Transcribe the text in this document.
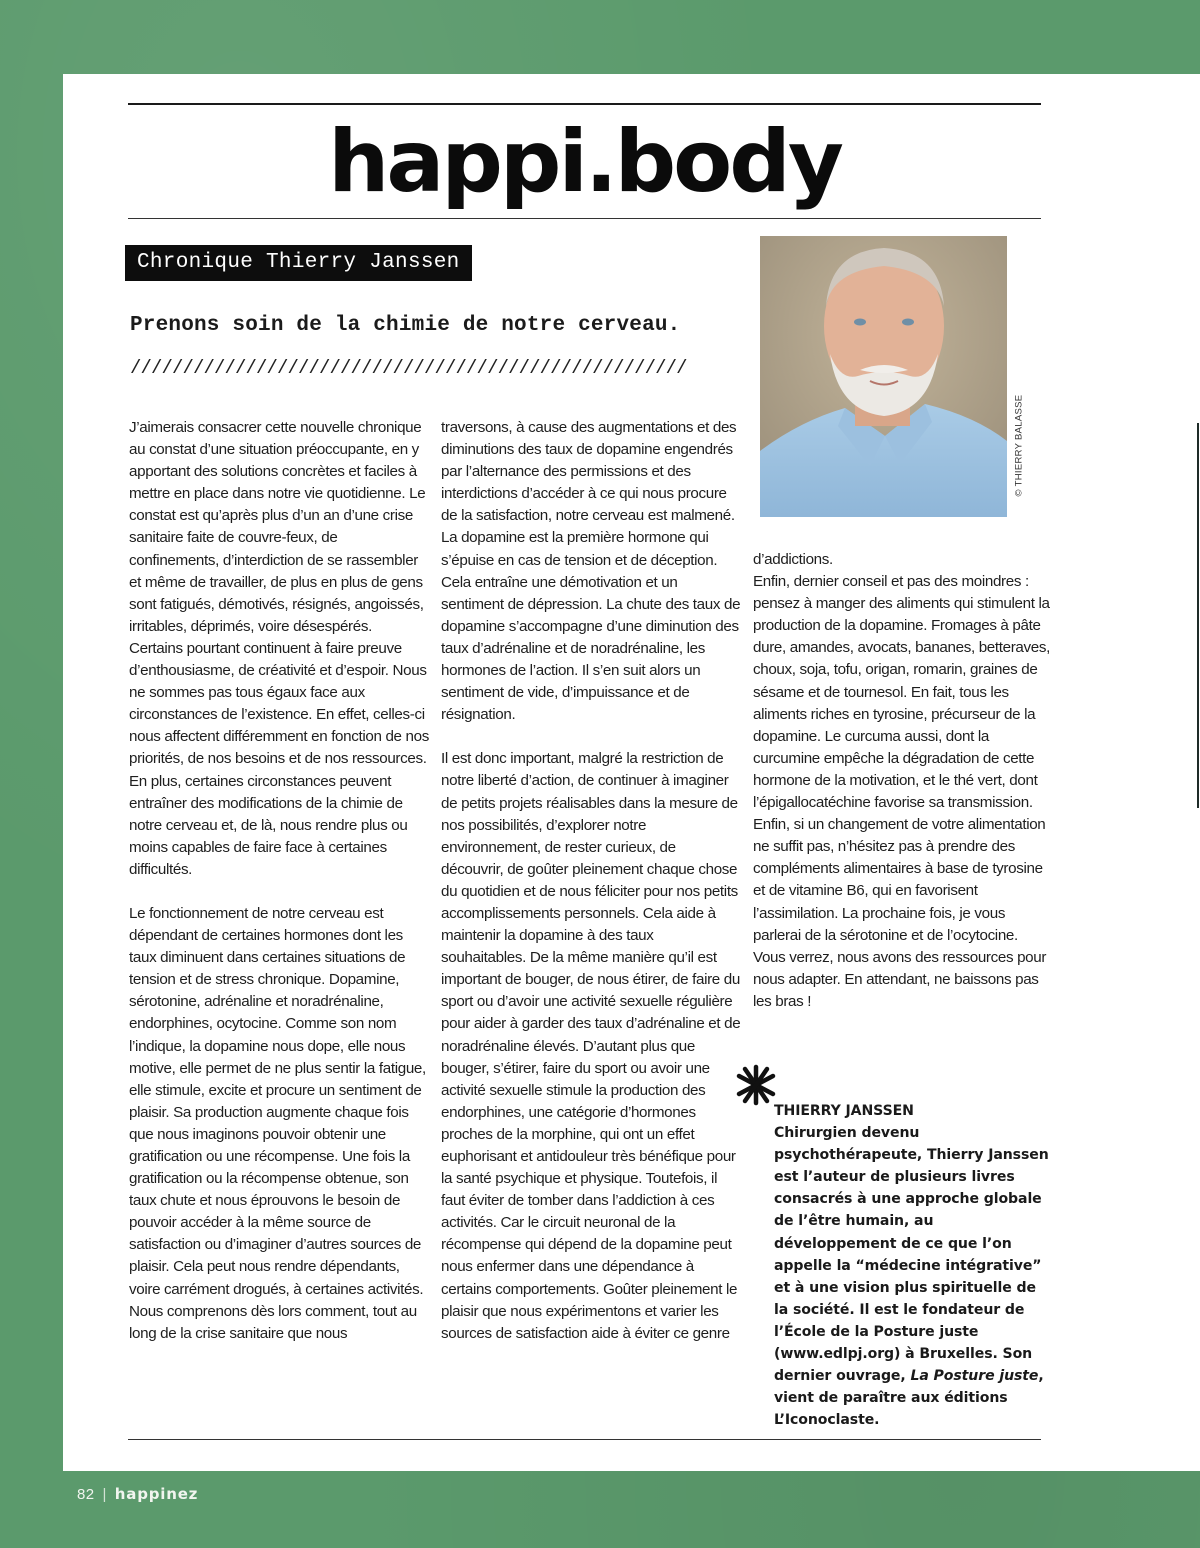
happi.body
Chronique Thierry Janssen
Prenons soin de la chimie de notre cerveau.
/////////////////////////////////////////////////////

J’aimerais consacrer cette nouvelle chronique au constat d’une situation préoccupante, en y apportant des solutions concrètes et faciles à mettre en place dans notre vie quotidienne. Le constat est qu’après plus d’un an d’une crise sanitaire faite de couvre-feux, de confinements, d’interdiction de se rassembler et même de travailler, de plus en plus de gens sont fatigués, démotivés, résignés, angoissés, irritables, déprimés, voire désespérés. Certains pourtant continuent à faire preuve d’enthousiasme, de créativité et d’espoir. Nous ne sommes pas tous égaux face aux circonstances de l’existence. En effet, celles-ci nous affectent différemment en fonction de nos priorités, de nos besoins et de nos ressources. En plus, certaines circonstances peuvent entraîner des modifications de la chimie de notre cerveau et, de là, nous rendre plus ou moins capables de faire face à certaines difficultés.

Le fonctionnement de notre cerveau est dépendant de certaines hormones dont les taux diminuent dans certaines situations de tension et de stress chronique. Dopamine, sérotonine, adrénaline et noradrénaline, endorphines, ocytocine. Comme son nom l’indique, la dopamine nous dope, elle nous motive, elle permet de ne plus sentir la fatigue, elle stimule, excite et procure un sentiment de plaisir. Sa production augmente chaque fois que nous imaginons pouvoir obtenir une gratification ou une récompense. Une fois la gratification ou la récompense obtenue, son taux chute et nous éprouvons le besoin de pouvoir accéder à la même source de satisfaction ou d’imaginer d’autres sources de plaisir. Cela peut nous rendre dépendants, voire carrément drogués, à certaines activités. Nous comprenons dès lors comment, tout au long de la crise sanitaire que nous

traversons, à cause des augmentations et des diminutions des taux de dopamine engendrés par l’alternance des permissions et des interdictions d’accéder à ce qui nous procure de la satisfaction, notre cerveau est malmené. La dopamine est la première hormone qui s’épuise en cas de tension et de déception. Cela entraîne une démotivation et un sentiment de dépression. La chute des taux de dopamine s’accompagne d’une diminution des taux d’adrénaline et de noradrénaline, les hormones de l’action. Il s’en suit alors un sentiment de vide, d’impuissance et de résignation.

Il est donc important, malgré la restriction de notre liberté d’action, de continuer à imaginer de petits projets réalisables dans la mesure de nos possibilités, d’explorer notre environnement, de rester curieux, de découvrir, de goûter pleinement chaque chose du quotidien et de nous féliciter pour nos petits accomplissements personnels. Cela aide à maintenir la dopamine à des taux souhaitables. De la même manière qu’il est important de bouger, de nous étirer, de faire du sport ou d’avoir une activité sexuelle régulière pour aider à garder des taux d’adrénaline et de noradrénaline élevés. D’autant plus que bouger, s’étirer, faire du sport ou avoir une activité sexuelle stimule la production des endorphines, une catégorie d’hormones proches de la morphine, qui ont un effet euphorisant et antidouleur très bénéfique pour la santé psychique et physique. Toutefois, il faut éviter de tomber dans l’addiction à ces activités. Car le circuit neuronal de la récompense qui dépend de la dopamine peut nous enfermer dans une dépendance à certains comportements. Goûter pleinement le plaisir que nous expérimentons et varier les sources de satisfaction aide à éviter ce genre

© THIERRY BALASSE

d’addictions.

Enfin, dernier conseil et pas des moindres : pensez à manger des aliments qui stimulent la production de la dopamine. Fromages à pâte dure, amandes, avocats, bananes, betteraves, choux, soja, tofu, origan, romarin, graines de sésame et de tournesol. En fait, tous les aliments riches en tyrosine, précurseur de la dopamine. Le curcuma aussi, dont la curcumine empêche la dégradation de cette hormone de la motivation, et le thé vert, dont l’épigallocatéchine favorise sa transmission. Enfin, si un changement de votre alimentation ne suffit pas, n’hésitez pas à prendre des compléments alimentaires à base de tyrosine et de vitamine B6, qui en favorisent l’assimilation. La prochaine fois, je vous parlerai de la sérotonine et de l’ocytocine. Vous verrez, nous avons des ressources pour nous adapter. En attendant, ne baissons pas les bras !

THIERRY JANSSEN
Chirurgien devenu psychothérapeute, Thierry Janssen est l’auteur de plusieurs livres consacrés à une approche globale de l’être humain, au développement de ce que l’on appelle la “médecine intégrative” et à une vision plus spirituelle de la société. Il est le fondateur de l’École de la Posture juste (www.edlpj.org) à Bruxelles. Son dernier ouvrage, La Posture juste, vient de paraître aux éditions L’Iconoclaste.
82 | happinez
